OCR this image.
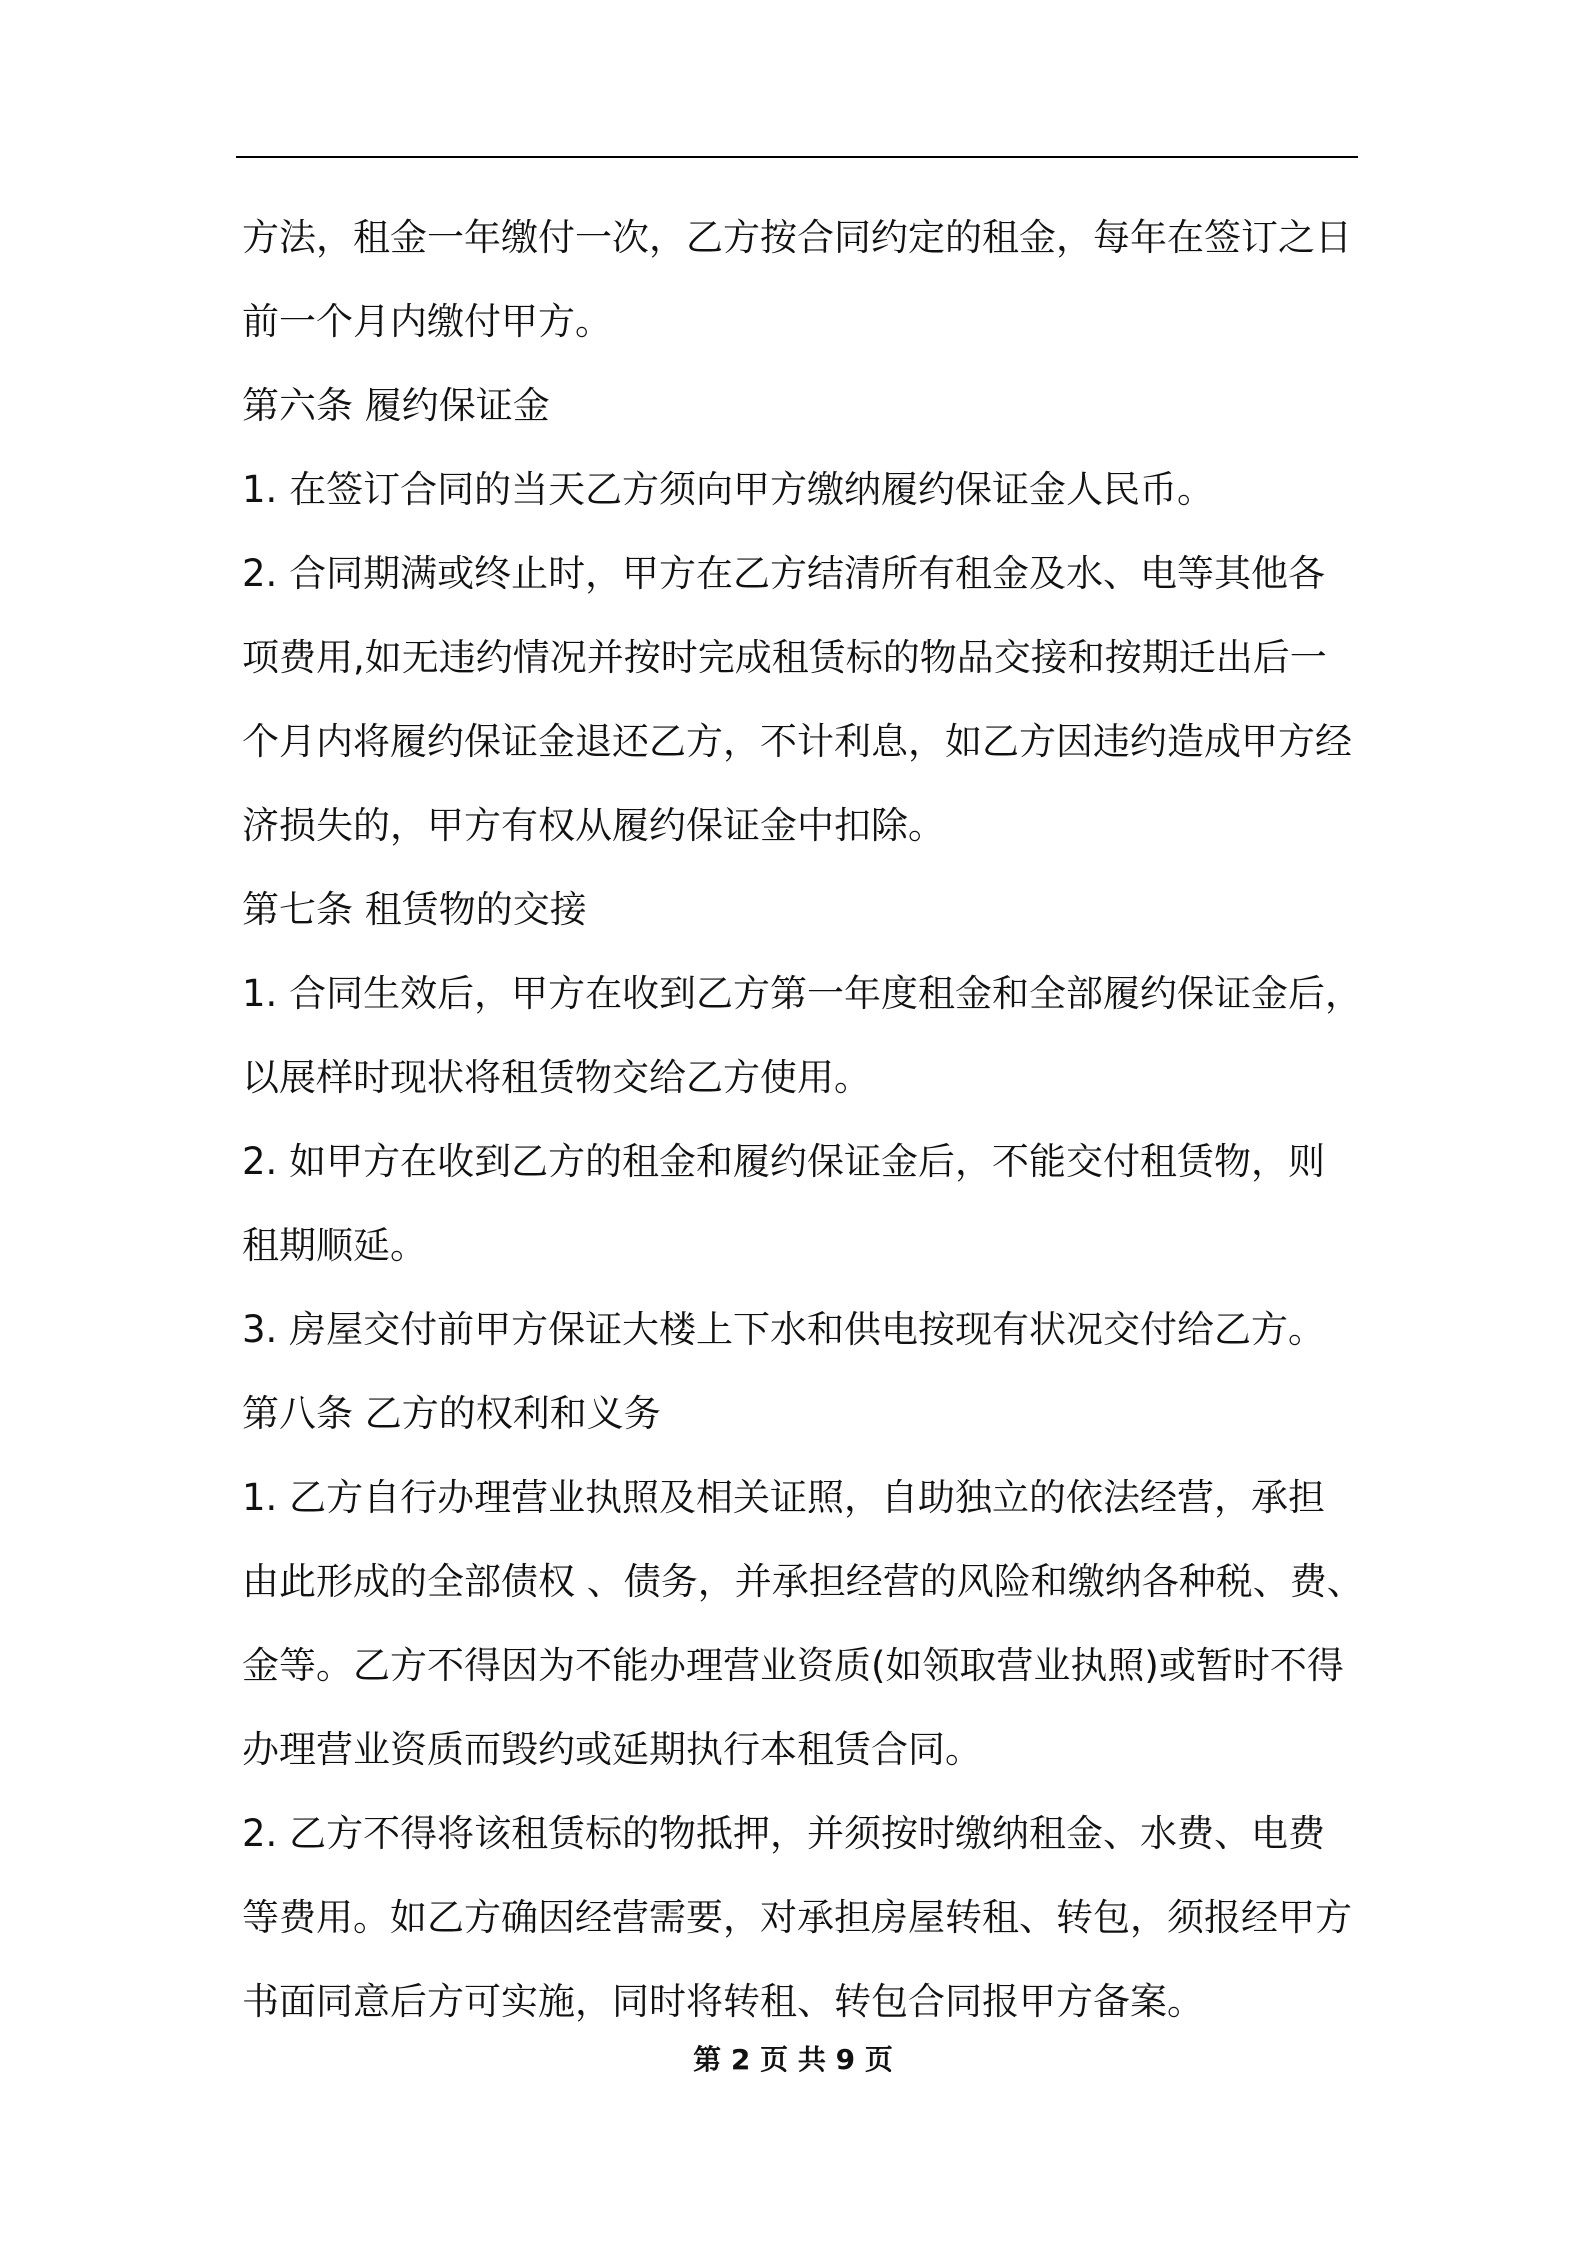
方法，租金一年缴付一次，乙方按合同约定的租金，每年在签订之日
前一个月内缴付甲方。
第六条 履约保证金
1. 在签订合同的当天乙方须向甲方缴纳履约保证金人民币。
2. 合同期满或终止时，甲方在乙方结清所有租金及水、电等其他各
项费用,如无违约情况并按时完成租赁标的物品交接和按期迁出后一
个月内将履约保证金退还乙方，不计利息，如乙方因违约造成甲方经
济损失的，甲方有权从履约保证金中扣除。
第七条 租赁物的交接
1. 合同生效后，甲方在收到乙方第一年度租金和全部履约保证金后，
以展样时现状将租赁物交给乙方使用。
2. 如甲方在收到乙方的租金和履约保证金后，不能交付租赁物，则
租期顺延。
3. 房屋交付前甲方保证大楼上下水和供电按现有状况交付给乙方。
第八条 乙方的权利和义务
1. 乙方自行办理营业执照及相关证照，自助独立的依法经营，承担
由此形成的全部债权 、债务，并承担经营的风险和缴纳各种税、费、
金等。乙方不得因为不能办理营业资质(如领取营业执照)或暂时不得
办理营业资质而毁约或延期执行本租赁合同。
2. 乙方不得将该租赁标的物抵押，并须按时缴纳租金、水费、电费
等费用。如乙方确因经营需要，对承担房屋转租、转包，须报经甲方
书面同意后方可实施，同时将转租、转包合同报甲方备案。
第 2 页 共 9 页
